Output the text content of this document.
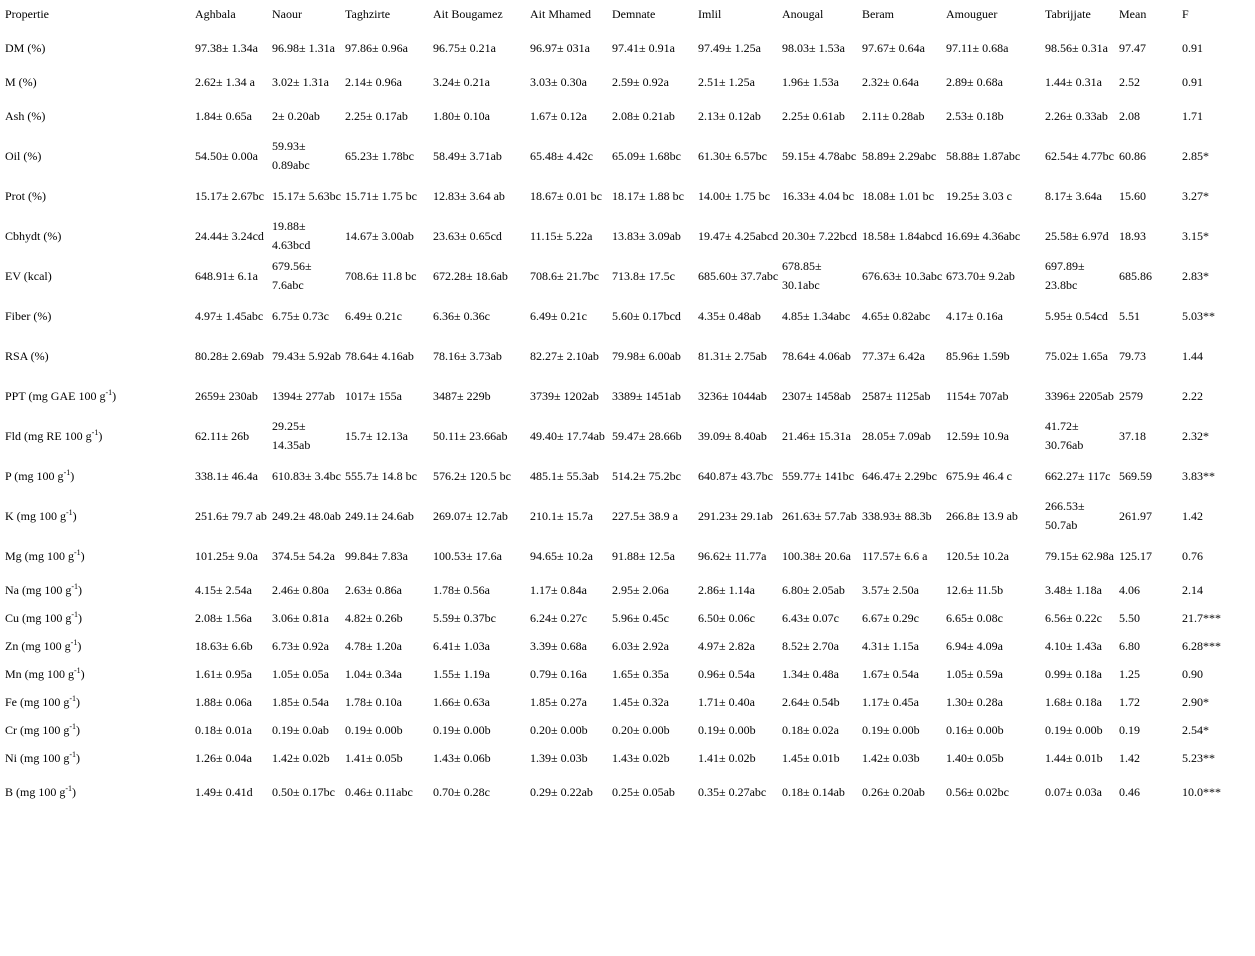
Propertie	Aghbala	Naour	Taghzirte	Ait Bougamez	Ait Mhamed	Demnate	Imlil	Anougal	Beram	Amouguer	Tabrijjate	Mean	F
DM (%)	97.38± 1.34a	96.98± 1.31a	97.86± 0.96a	96.75± 0.21a	96.97± 031a	97.41± 0.91a	97.49± 1.25a	98.03± 1.53a	97.67± 0.64a	97.11± 0.68a	98.56± 0.31a	97.47	0.91
M (%)	2.62± 1.34 a	3.02± 1.31a	2.14± 0.96a	3.24± 0.21a	3.03± 0.30a	2.59± 0.92a	2.51± 1.25a	1.96± 1.53a	2.32± 0.64a	2.89± 0.68a	1.44± 0.31a	2.52	0.91
Ash (%)	1.84± 0.65a	2± 0.20ab	2.25± 0.17ab	1.80± 0.10a	1.67± 0.12a	2.08± 0.21ab	2.13± 0.12ab	2.25± 0.61ab	2.11± 0.28ab	2.53± 0.18b	2.26± 0.33ab	2.08	1.71
Oil (%)	54.50± 0.00a	59.93± 0.89abc	65.23± 1.78bc	58.49± 3.71ab	65.48± 4.42c	65.09± 1.68bc	61.30± 6.57bc	59.15± 4.78abc	58.89± 2.29abc	58.88± 1.87abc	62.54± 4.77bc	60.86	2.85*
Prot (%)	15.17± 2.67bc	15.17± 5.63bc	15.71± 1.75 bc	12.83± 3.64 ab	18.67± 0.01 bc	18.17± 1.88 bc	14.00± 1.75 bc	16.33± 4.04 bc	18.08± 1.01 bc	19.25± 3.03 c	8.17± 3.64a	15.60	3.27*
Cbhydt (%)	24.44± 3.24cd	19.88± 4.63bcd	14.67± 3.00ab	23.63± 0.65cd	11.15± 5.22a	13.83± 3.09ab	19.47± 4.25abcd	20.30± 7.22bcd	18.58± 1.84abcd	16.69± 4.36abc	25.58± 6.97d	18.93	3.15*
EV (kcal)	648.91± 6.1a	679.56± 7.6abc	708.6± 11.8 bc	672.28± 18.6ab	708.6± 21.7bc	713.8± 17.5c	685.60± 37.7abc	678.85± 30.1abc	676.63± 10.3abc	673.70± 9.2ab	697.89± 23.8bc	685.86	2.83*
Fiber (%)	4.97± 1.45abc	6.75± 0.73c	6.49± 0.21c	6.36± 0.36c	6.49± 0.21c	5.60± 0.17bcd	4.35± 0.48ab	4.85± 1.34abc	4.65± 0.82abc	4.17± 0.16a	5.95± 0.54cd	5.51	5.03**
RSA (%)	80.28± 2.69ab	79.43± 5.92ab	78.64± 4.16ab	78.16± 3.73ab	82.27± 2.10ab	79.98± 6.00ab	81.31± 2.75ab	78.64± 4.06ab	77.37± 6.42a	85.96± 1.59b	75.02± 1.65a	79.73	1.44
PPT (mg GAE 100 $g^{-1}$)	2659± 230ab	1394± 277ab	1017± 155a	3487± 229b	3739± 1202ab	3389± 1451ab	3236± 1044ab	2307± 1458ab	2587± 1125ab	1154± 707ab	3396± 2205ab	2579	2.22
Fld (mg RE 100 $g^{-1}$)	62.11± 26b	29.25± 14.35ab	15.7± 12.13a	50.11± 23.66ab	49.40± 17.74ab	59.47± 28.66b	39.09± 8.40ab	21.46± 15.31a	28.05± 7.09ab	12.59± 10.9a	41.72± 30.76ab	37.18	2.32*
P (mg 100 $g^{-1}$)	338.1± 46.4a	610.83± 3.4bc	555.7± 14.8 bc	576.2± 120.5 bc	485.1± 55.3ab	514.2± 75.2bc	640.87± 43.7bc	559.77± 141bc	646.47± 2.29bc	675.9± 46.4 c	662.27± 117c	569.59	3.83**
K (mg 100 $g^{-1}$)	251.6± 79.7 ab	249.2± 48.0ab	249.1± 24.6ab	269.07± 12.7ab	210.1± 15.7a	227.5± 38.9 a	291.23± 29.1ab	261.63± 57.7ab	338.93± 88.3b	266.8± 13.9 ab	266.53± 50.7ab	261.97	1.42
Mg (mg 100 $g^{-1}$)	101.25± 9.0a	374.5± 54.2a	99.84± 7.83a	100.53± 17.6a	94.65± 10.2a	91.88± 12.5a	96.62± 11.77a	100.38± 20.6a	117.57± 6.6 a	120.5± 10.2a	79.15± 62.98a	125.17	0.76
Na (mg 100 $g^{-1}$)	4.15± 2.54a	2.46± 0.80a	2.63± 0.86a	1.78± 0.56a	1.17± 0.84a	2.95± 2.06a	2.86± 1.14a	6.80± 2.05ab	3.57± 2.50a	12.6± 11.5b	3.48± 1.18a	4.06	2.14
Cu (mg 100 $g^{-1}$)	2.08± 1.56a	3.06± 0.81a	4.82± 0.26b	5.59± 0.37bc	6.24± 0.27c	5.96± 0.45c	6.50± 0.06c	6.43± 0.07c	6.67± 0.29c	6.65± 0.08c	6.56± 0.22c	5.50	21.7***
Zn (mg 100 $g^{-1}$)	18.63± 6.6b	6.73± 0.92a	4.78± 1.20a	6.41± 1.03a	3.39± 0.68a	6.03± 2.92a	4.97± 2.82a	8.52± 2.70a	4.31± 1.15a	6.94± 4.09a	4.10± 1.43a	6.80	6.28***
Mn (mg 100 $g^{-1}$)	1.61± 0.95a	1.05± 0.05a	1.04± 0.34a	1.55± 1.19a	0.79± 0.16a	1.65± 0.35a	0.96± 0.54a	1.34± 0.48a	1.67± 0.54a	1.05± 0.59a	0.99± 0.18a	1.25	0.90
Fe (mg 100 $g^{-1}$)	1.88± 0.06a	1.85± 0.54a	1.78± 0.10a	1.66± 0.63a	1.85± 0.27a	1.45± 0.32a	1.71± 0.40a	2.64± 0.54b	1.17± 0.45a	1.30± 0.28a	1.68± 0.18a	1.72	2.90*
Cr (mg 100 $g^{-1}$)	0.18± 0.01a	0.19± 0.0ab	0.19± 0.00b	0.19± 0.00b	0.20± 0.00b	0.20± 0.00b	0.19± 0.00b	0.18± 0.02a	0.19± 0.00b	0.16± 0.00b	0.19± 0.00b	0.19	2.54*
Ni (mg 100 $g^{-1}$)	1.26± 0.04a	1.42± 0.02b	1.41± 0.05b	1.43± 0.06b	1.39± 0.03b	1.43± 0.02b	1.41± 0.02b	1.45± 0.01b	1.42± 0.03b	1.40± 0.05b	1.44± 0.01b	1.42	5.23**
B (mg 100 $g^{-1}$)	1.49± 0.41d	0.50± 0.17bc	0.46± 0.11abc	0.70± 0.28c	0.29± 0.22ab	0.25± 0.05ab	0.35± 0.27abc	0.18± 0.14ab	0.26± 0.20ab	0.56± 0.02bc	0.07± 0.03a	0.46	10.0***
